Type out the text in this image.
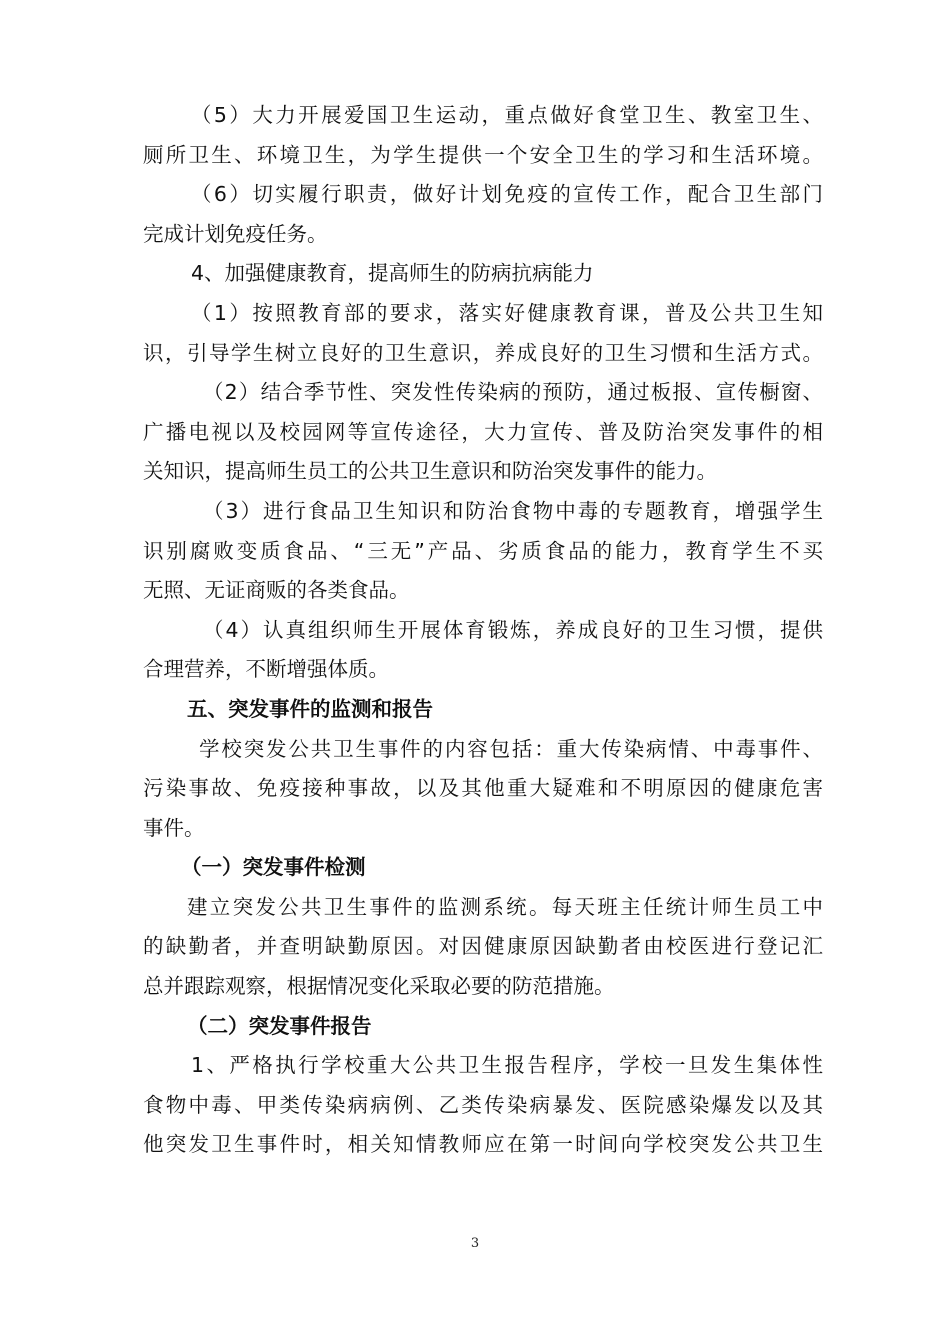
（5）大力开展爱国卫生运动，重点做好食堂卫生、教室卫生、
厕所卫生、环境卫生，为学生提供一个安全卫生的学习和生活环境。
（6）切实履行职责，做好计划免疫的宣传工作，配合卫生部门
完成计划免疫任务。
4、加强健康教育，提高师生的防病抗病能力
（1）按照教育部的要求，落实好健康教育课，普及公共卫生知
识，引导学生树立良好的卫生意识，养成良好的卫生习惯和生活方式。
（2）结合季节性、突发性传染病的预防，通过板报、宣传橱窗、
广播电视以及校园网等宣传途径，大力宣传、普及防治突发事件的相
关知识，提高师生员工的公共卫生意识和防治突发事件的能力。
（3）进行食品卫生知识和防治食物中毒的专题教育，增强学生
识别腐败变质食品、“三无”产品、劣质食品的能力，教育学生不买
无照、无证商贩的各类食品。
（4）认真组织师生开展体育锻炼，养成良好的卫生习惯，提供
合理营养，不断增强体质。
五、突发事件的监测和报告
学校突发公共卫生事件的内容包括：重大传染病情、中毒事件、
污染事故、免疫接种事故，以及其他重大疑难和不明原因的健康危害
事件。
（一）突发事件检测
建立突发公共卫生事件的监测系统。每天班主任统计师生员工中
的缺勤者，并查明缺勤原因。对因健康原因缺勤者由校医进行登记汇
总并跟踪观察，根据情况变化采取必要的防范措施。
（二）突发事件报告
1、严格执行学校重大公共卫生报告程序，学校一旦发生集体性
食物中毒、甲类传染病病例、乙类传染病暴发、医院感染爆发以及其
他突发卫生事件时，相关知情教师应在第一时间向学校突发公共卫生
3
